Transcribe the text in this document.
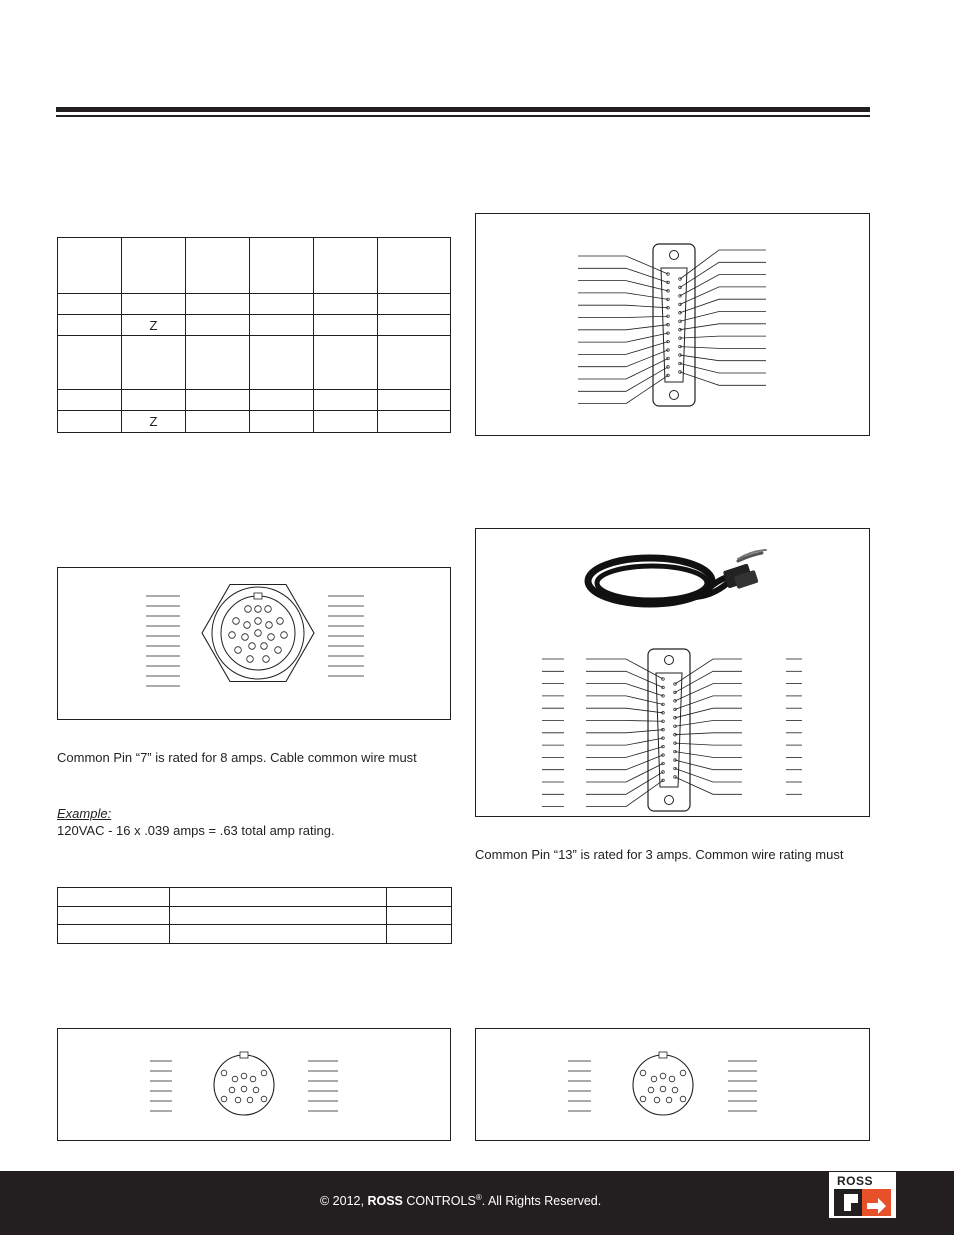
	Z				

	Z				
Common Pin “7” is rated for 8 amps. Cable common wire must
Example:
120VAC - 16 x .039 amps = .63 total amp rating.
Common Pin “13” is rated for 3 amps. Common wire rating must

© 2012, ROSS CONTROLS®. All Rights Reserved.
ROSS
